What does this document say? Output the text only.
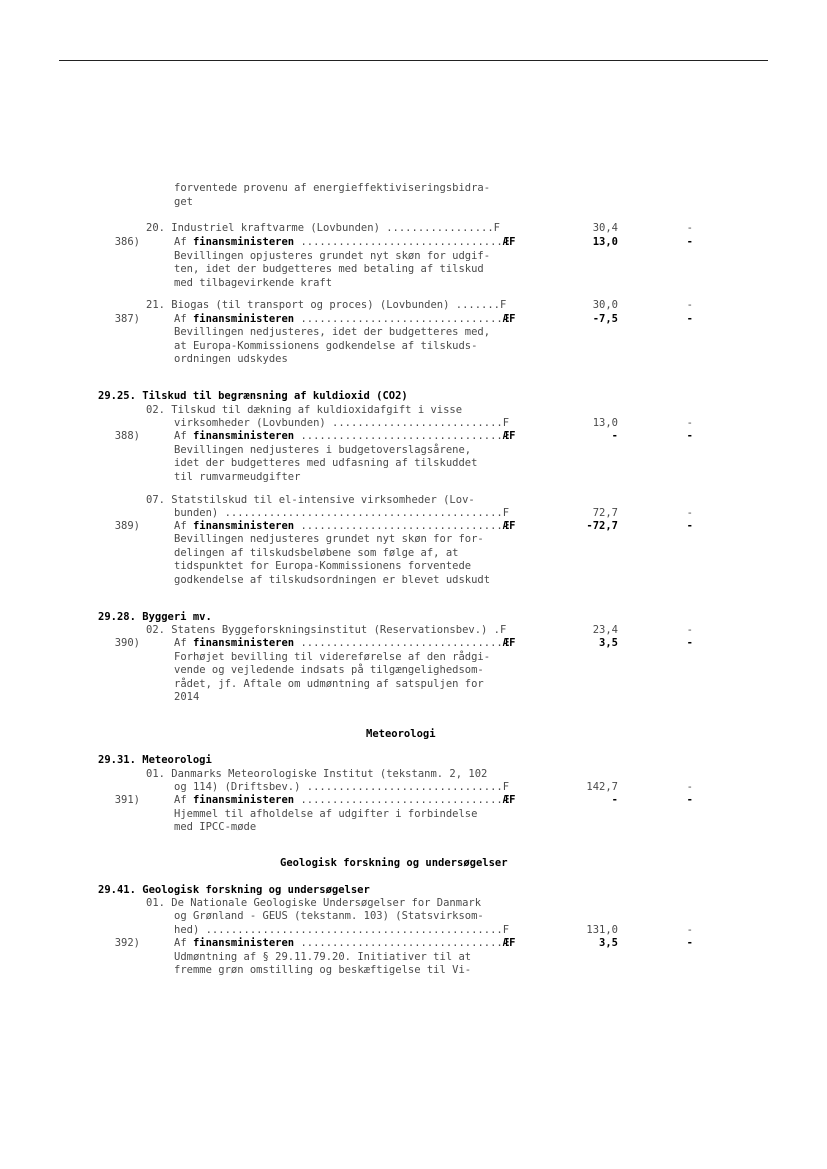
forventede provenu af energieffektiviseringsbidra-
get
20. Industriel kraftvarme (Lovbunden) .................F	30,4	-
386)	Af finansministeren ................................ÆF	13,0	-
Bevillingen opjusteres grundet nyt skøn for udgif-
ten, idet der budgetteres med betaling af tilskud
med tilbagevirkende kraft
21. Biogas (til transport og proces) (Lovbunden) .......F	30,0	-
387)	Af finansministeren ................................ÆF	-7,5	-
Bevillingen nedjusteres, idet der budgetteres med,
at Europa-Kommissionens godkendelse af tilskuds-
ordningen udskydes
29.25. Tilskud til begrænsning af kuldioxid (CO2)
02. Tilskud til dækning af kuldioxidafgift i visse
virksomheder (Lovbunden) ...........................F	13,0	-
388)	Af finansministeren ................................ÆF	-	-
Bevillingen nedjusteres i budgetoverslagsårene,
idet der budgetteres med udfasning af tilskuddet
til rumvarmeudgifter
07. Statstilskud til el-intensive virksomheder (Lov-
bunden) ............................................F	72,7	-
389)	Af finansministeren ................................ÆF	-72,7	-
Bevillingen nedjusteres grundet nyt skøn for for-
delingen af tilskudsbeløbene som følge af, at
tidspunktet for Europa-Kommissionens forventede
godkendelse af tilskudsordningen er blevet udskudt
29.28. Byggeri mv.
02. Statens Byggeforskningsinstitut (Reservationsbev.) .F	23,4	-
390)	Af finansministeren ................................ÆF	3,5	-
Forhøjet bevilling til videreførelse af den rådgi-
vende og vejledende indsats på tilgængelighedsom-
rådet, jf. Aftale om udmøntning af satspuljen for
2014
Meteorologi
29.31. Meteorologi
01. Danmarks Meteorologiske Institut (tekstanm. 2, 102
og 114) (Driftsbev.) ...............................F	142,7	-
391)	Af finansministeren ................................ÆF	-	-
Hjemmel til afholdelse af udgifter i forbindelse
med IPCC-møde
Geologisk forskning og undersøgelser
29.41. Geologisk forskning og undersøgelser
01. De Nationale Geologiske Undersøgelser for Danmark
og Grønland - GEUS (tekstanm. 103) (Statsvirksom-
hed) ...............................................F	131,0	-
392)	Af finansministeren ................................ÆF	3,5	-
Udmøntning af § 29.11.79.20. Initiativer til at
fremme grøn omstilling og beskæftigelse til Vi-
